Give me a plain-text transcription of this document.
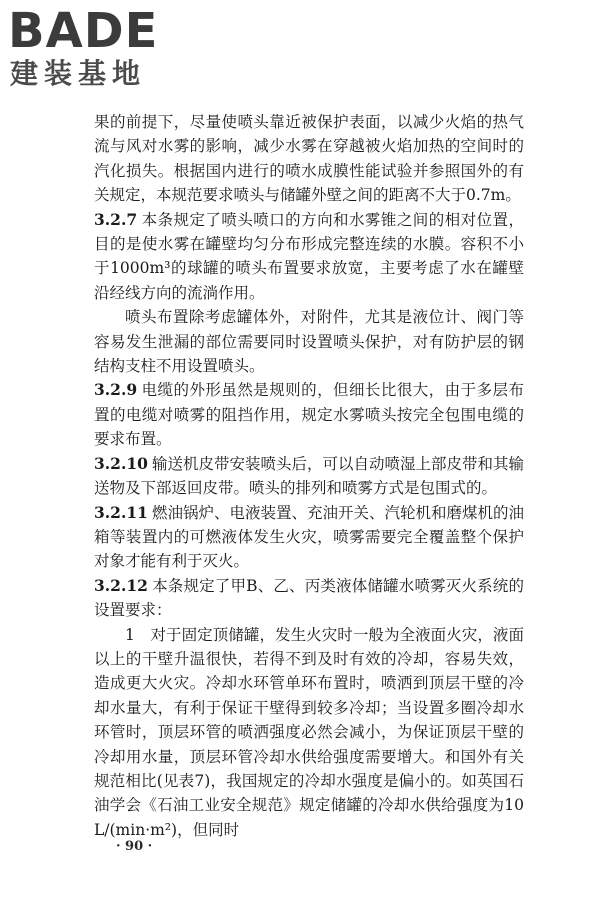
BADE
建装基地

果的前提下，尽量使喷头靠近被保护表面，以减少火焰的热气流与风对水雾的影响，减少水雾在穿越被火焰加热的空间时的汽化损失。根据国内进行的喷水成膜性能试验并参照国外的有关规定，本规范要求喷头与储罐外壁之间的距离不大于0.7m。

3.2.7 本条规定了喷头喷口的方向和水雾锥之间的相对位置，目的是使水雾在罐壁均匀分布形成完整连续的水膜。容积不小于1000m³的球罐的喷头布置要求放宽，主要考虑了水在罐壁沿经线方向的流淌作用。

喷头布置除考虑罐体外，对附件，尤其是液位计、阀门等容易发生泄漏的部位需要同时设置喷头保护，对有防护层的钢结构支柱不用设置喷头。

3.2.9 电缆的外形虽然是规则的，但细长比很大，由于多层布置的电缆对喷雾的阻挡作用，规定水雾喷头按完全包围电缆的要求布置。

3.2.10 输送机皮带安装喷头后，可以自动喷湿上部皮带和其输送物及下部返回皮带。喷头的排列和喷雾方式是包围式的。

3.2.11 燃油锅炉、电液装置、充油开关、汽轮机和磨煤机的油箱等装置内的可燃液体发生火灾，喷雾需要完全覆盖整个保护对象才能有利于灭火。

3.2.12 本条规定了甲B、乙、丙类液体储罐水喷雾灭火系统的设置要求：

1　对于固定顶储罐，发生火灾时一般为全液面火灾，液面以上的干壁升温很快，若得不到及时有效的冷却，容易失效，造成更大火灾。冷却水环管单环布置时，喷洒到顶层干壁的冷却水量大，有利于保证干壁得到较多冷却；当设置多圈冷却水环管时，顶层环管的喷洒强度必然会减小，为保证顶层干壁的冷却用水量，顶层环管冷却水供给强度需要增大。和国外有关规范相比(见表7)，我国规定的冷却水强度是偏小的。如英国石油学会《石油工业安全规范》规定储罐的冷却水供给强度为10L/(min·m²)，但同时

· 90 ·
